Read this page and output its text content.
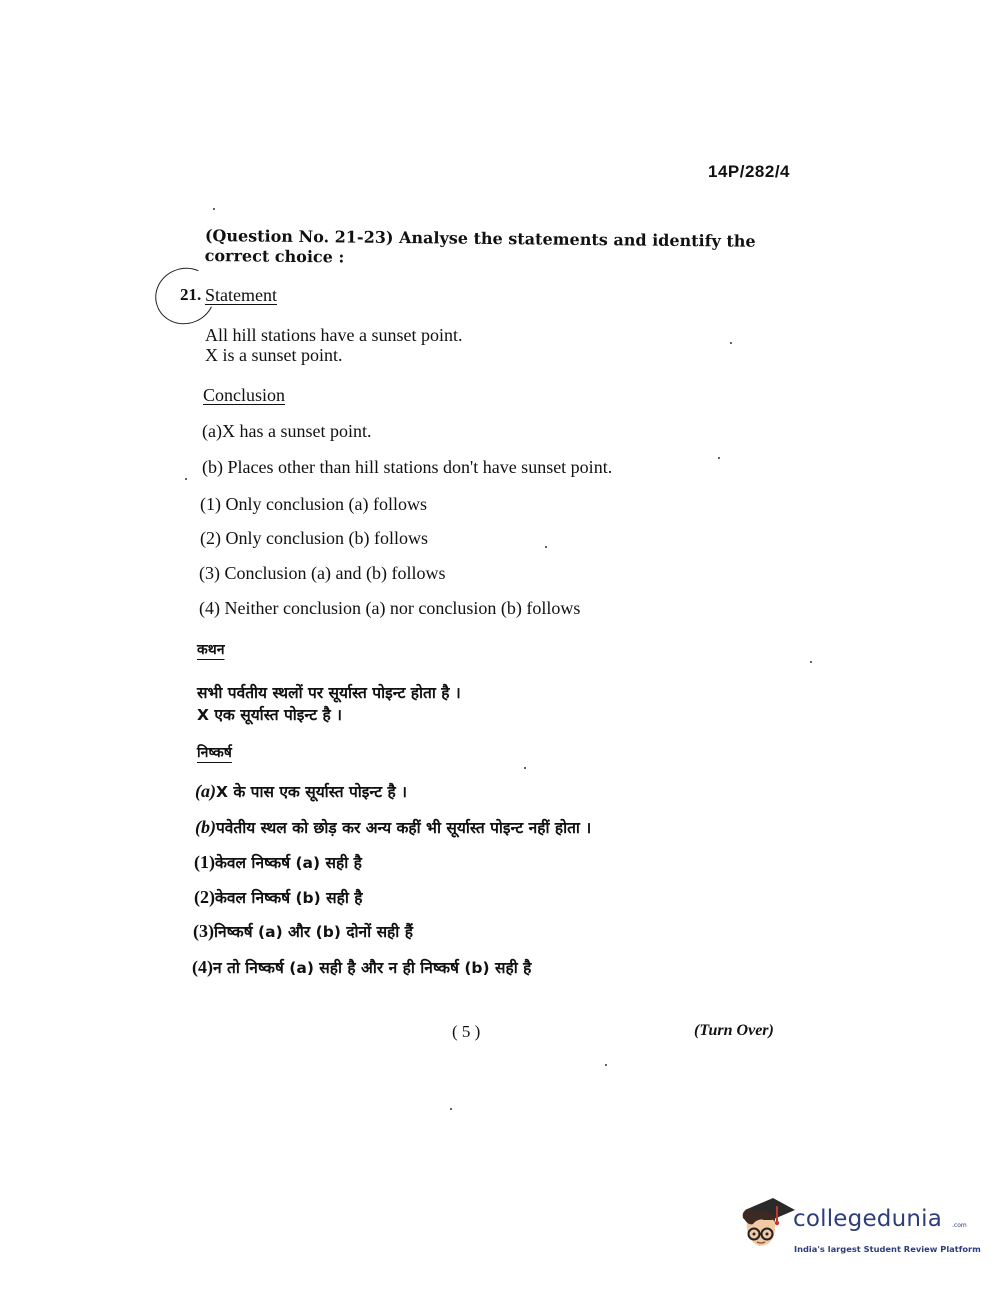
14P/282/4
(Question No. 21-23) Analyse the statements and identify the correct choice :
21. Statement
All hill stations have a sunset point.
X is a sunset point.
Conclusion
(a)X has a sunset point.
(b) Places other than hill stations don't have sunset point.
(1) Only conclusion (a) follows
(2) Only conclusion (b) follows
(3) Conclusion (a) and (b) follows
(4) Neither conclusion (a) nor conclusion (b) follows
कथन
सभी पर्वतीय स्थलों पर सूर्यास्त पोइन्ट होता है ।
X एक सूर्यास्त पोइन्ट है ।
निष्कर्ष
(a)X के पास एक सूर्यास्त पोइन्ट है ।
(b)पवेतीय स्थल को छोड़ कर अन्य कहीं भी सूर्यास्त पोइन्ट नहीं होता ।
(1)केवल निष्कर्ष (a) सही है
(2)केवल निष्कर्ष (b) सही है
(3)निष्कर्ष (a) और (b) दोनों सही हैं
(4)न तो निष्कर्ष (a) सही है और न ही निष्कर्ष (b) सही है
( 5 )	(Turn Over)
collegedunia .com
India's largest Student Review Platform
